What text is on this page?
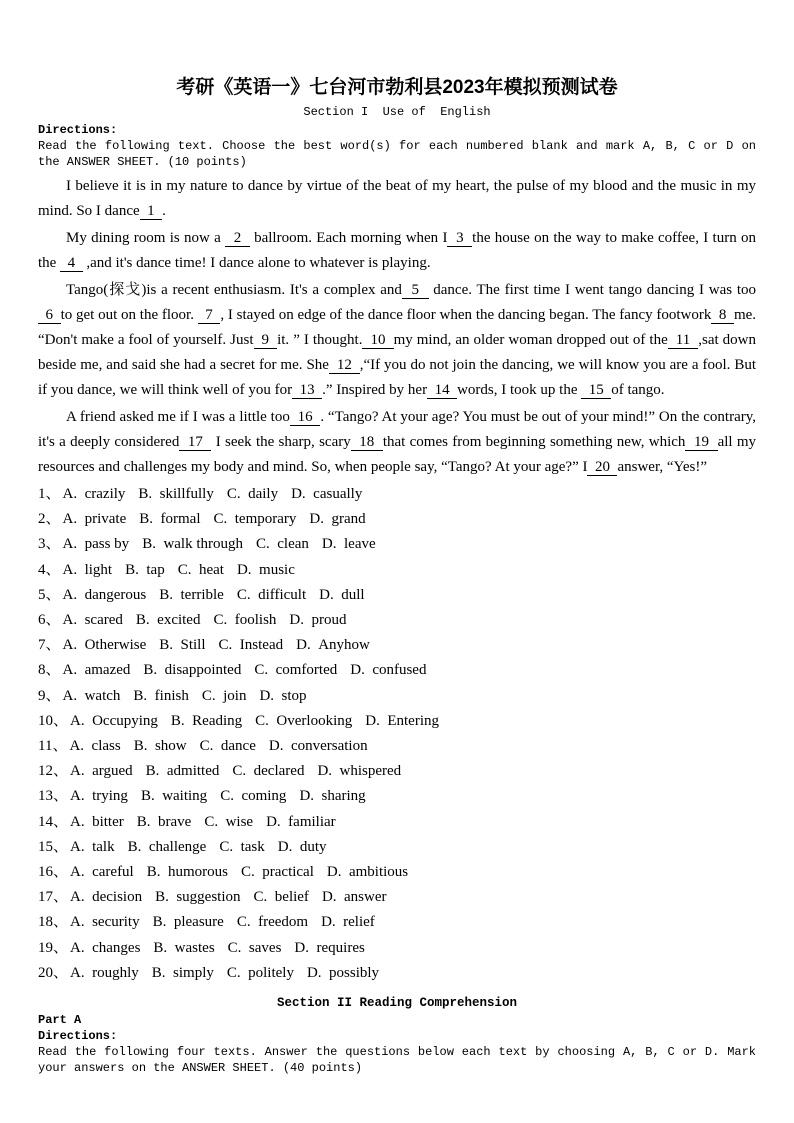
考研《英语一》七台河市勃利县2023年模拟预测试卷
Section I  Use of  English
Directions:
Read the following text. Choose the best word(s) for each numbered blank and mark A, B, C or D on the ANSWER SHEET. (10 points)

I believe it is in my nature to dance by virtue of the beat of my heart, the pulse of my blood and the music in my mind. So I dance  1  .

My dining room is now a   2   ballroom. Each morning when I  3  the house on the way to make coffee, I turn on the   4   ,and it's dance time! I dance alone to whatever is playing.

Tango(探戈)is a recent enthusiasm. It's a complex and  5   dance. The first time I went tango dancing I was too   6  to get out on the floor.   7  , I stayed on edge of the dance floor when the dancing began. The fancy footwork  8  me. “Don't make a fool of yourself. Just  9  it. ” I thought.  10  my mind, an older woman dropped out of the  11  ,sat down beside me, and said she had a secret for me. She  12  ,“If you do not join the dancing, we will know you are a fool. But if you dance, we will think well of you for  13  .” Inspired by her  14  words, I took up the   15  of tango.

A friend asked me if I was a little too  16  . “Tango? At your age? You must be out of your mind!” On the contrary, it's a deeply considered  17   I seek the sharp, scary  18  that comes from beginning something new, which  19  all my resources and challenges my body and mind. So, when people say, “Tango? At your age?” I  20  answer, “Yes!”

1、 A.  crazily B.  skillfully C.  daily D.  casually
2、 A.  private B.  formal C.  temporary D.  grand
3、 A.  pass by B.  walk through C.  clean D.  leave
4、 A.  light B.  tap C.  heat D.  music
5、 A.  dangerous B.  terrible C.  difficult D.  dull
6、 A.  scared B.  excited C.  foolish D.  proud
7、 A.  Otherwise B.  Still C.  Instead D.  Anyhow
8、 A.  amazed B.  disappointed C.  comforted D.  confused
9、 A.  watch B.  finish C.  join D.  stop
10、 A.  Occupying B.  Reading C.  Overlooking D.  Entering
11、 A.  class B.  show C.  dance D.  conversation
12、 A.  argued B.  admitted C.  declared D.  whispered
13、 A.  trying B.  waiting C.  coming D.  sharing
14、 A.  bitter B.  brave C.  wise D.  familiar
15、 A.  talk B.  challenge C.  task D.  duty
16、 A.  careful B.  humorous C.  practical D.  ambitious
17、 A.  decision B.  suggestion C.  belief D.  answer
18、 A.  security B.  pleasure C.  freedom D.  relief
19、 A.  changes B.  wastes C.  saves D.  requires
20、 A.  roughly B.  simply C.  politely D.  possibly
Section II Reading Comprehension
Part A
Directions:
Read the following four texts. Answer the questions below each text by choosing A, B, C or D. Mark your answers on the ANSWER SHEET. (40 points)
